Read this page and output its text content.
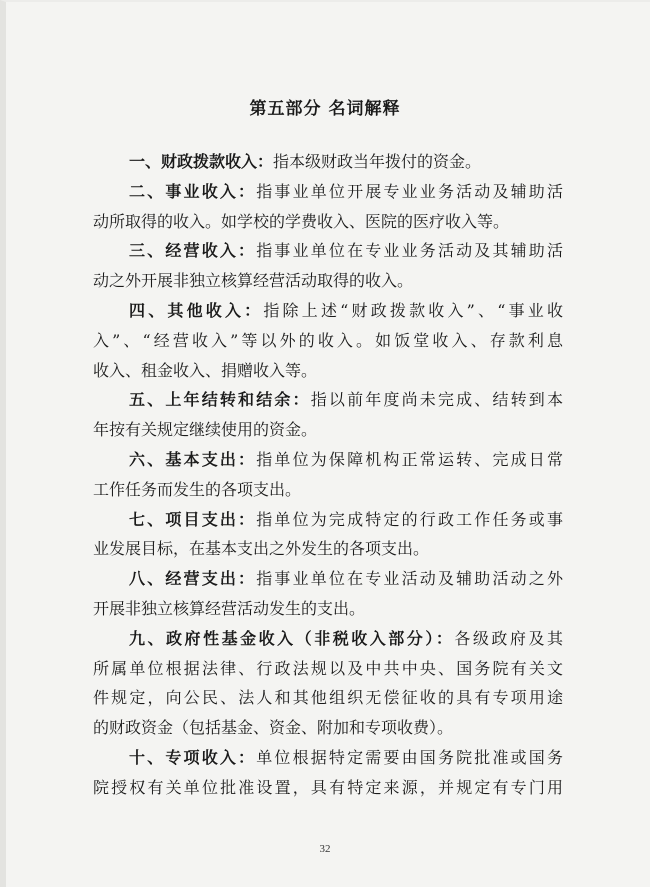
第五部分 名词解释
一、财政拨款收入：指本级财政当年拨付的资金。
二、事业收入：指事业单位开展专业业务活动及辅助活
动所取得的收入。如学校的学费收入、医院的医疗收入等。
三、经营收入：指事业单位在专业业务活动及其辅助活
动之外开展非独立核算经营活动取得的收入。
四、其他收入：指除上述“财政拨款收入”、“事业收
入”、“经营收入”等以外的收入。如饭堂收入、存款利息
收入、租金收入、捐赠收入等。
五、上年结转和结余：指以前年度尚未完成、结转到本
年按有关规定继续使用的资金。
六、基本支出：指单位为保障机构正常运转、完成日常
工作任务而发生的各项支出。
七、项目支出：指单位为完成特定的行政工作任务或事
业发展目标，在基本支出之外发生的各项支出。
八、经营支出：指事业单位在专业活动及辅助活动之外
开展非独立核算经营活动发生的支出。
九、政府性基金收入（非税收入部分）：各级政府及其
所属单位根据法律、行政法规以及中共中央、国务院有关文
件规定，向公民、法人和其他组织无偿征收的具有专项用途
的财政资金（包括基金、资金、附加和专项收费）。
十、专项收入：单位根据特定需要由国务院批准或国务
32
院授权有关单位批准设置，具有特定来源，并规定有专门用
